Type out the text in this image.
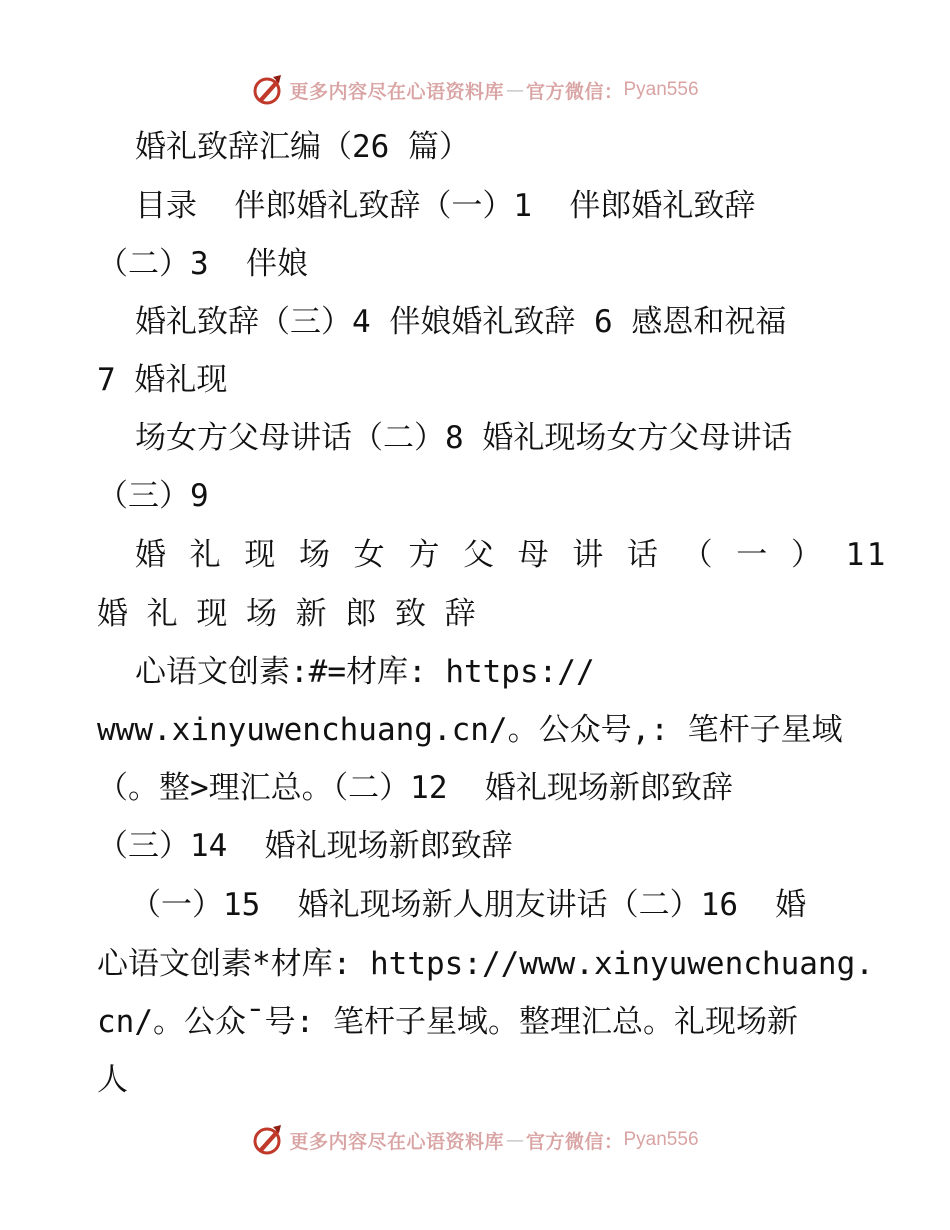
更多内容尽在心语资料库 — 官方微信： Pyan556
婚礼致辞汇编（26 篇）
目录  伴郎婚礼致辞（一）1  伴郎婚礼致辞
（二）3  伴娘
婚礼致辞（三）4 伴娘婚礼致辞 6 感恩和祝福
7 婚礼现
场女方父母讲话（二）8 婚礼现场女方父母讲话
（三）9
婚 礼 现 场 女 方 父 母 讲 话 （ 一 ） 11
婚 礼 现 场 新 郎 致 辞
心语文创素:#=材库: https://
www.xinyuwenchuang.cn/。公众号,: 笔杆子星域
（。整>理汇总。（二）12  婚礼现场新郎致辞
（三）14  婚礼现场新郎致辞
（一）15  婚礼现场新人朋友讲话（二）16  婚
心语文创素*材库: https://www.xinyuwenchuang.
cn/。公众¯号: 笔杆子星域。整理汇总。礼现场新
人
更多内容尽在心语资料库 — 官方微信： Pyan556
